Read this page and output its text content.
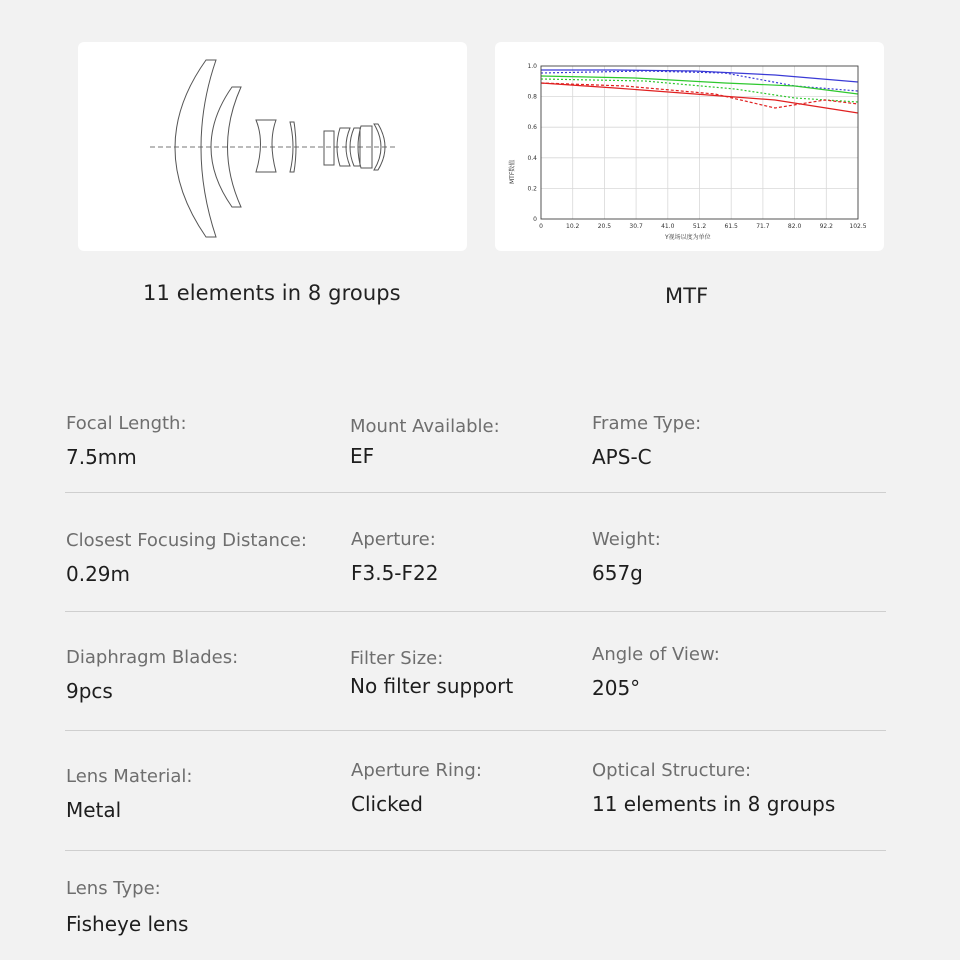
11 elements in 8 groups
1.0
0.8
0.6
0.4
0.2
0
0	10.2	20.5	30.7	41.0	51.2	61.5	71.7	82.0	92.2	102.5
MTF数值
Y视场以度为单位
MTF
Focal Length:
7.5mm
Mount Available:
EF
Frame Type:
APS-C
Closest Focusing Distance:
0.29m
Aperture:
F3.5-F22
Weight:
657g
Diaphragm Blades:
9pcs
Filter Size:
No filter support
Angle of View:
205°
Lens Material:
Metal
Aperture Ring:
Clicked
Optical Structure:
11 elements in 8 groups
Lens Type:
Fisheye lens
